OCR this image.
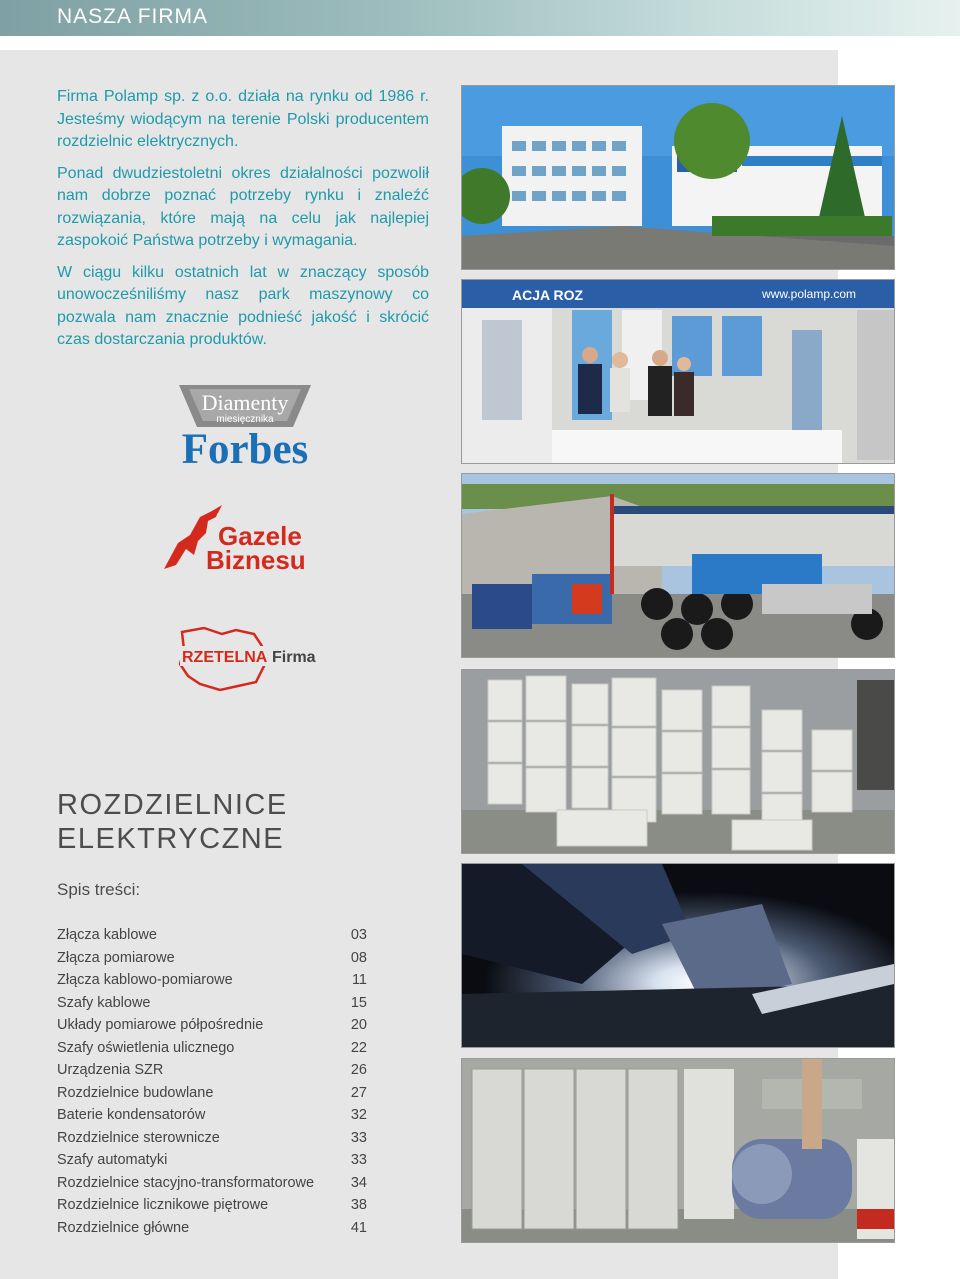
NASZA FIRMA

Firma Polamp sp. z o.o. działa na rynku od 1986 r. Jesteśmy wiodącym na terenie Polski producentem rozdzielnic elektrycznych.

Ponad dwudziestoletni okres działalności pozwolił nam dobrze poznać potrzeby rynku i znaleźć rozwiązania, które mają na celu jak najlepiej zaspokoić Państwa potrzeby i wymagania.

W ciągu kilku ostatnich lat w znaczący sposób unowocześniliśmy nasz park maszynowy co pozwala nam znacznie podnieść jakość i skrócić czas dostarczania produktów.

Diamenty
miesięcznika
Forbes
Gazele
Biznesu
RZETELNA Firma
ROZDZIELNICE
ELEKTRYCZNE
Spis treści:
Złącza kablowe	03
Złącza pomiarowe	08
Złącza kablowo-pomiarowe	11
Szafy kablowe	15
Układy pomiarowe półpośrednie	20
Szafy oświetlenia ulicznego	22
Urządzenia SZR	26
Rozdzielnice budowlane	27
Baterie kondensatorów	32
Rozdzielnice sterownicze	33
Szafy automatyki	33
Rozdzielnice stacyjno-transformatorowe	34
Rozdzielnice licznikowe piętrowe	38
Rozdzielnice główne	41
ACJA ROZ	www.polamp.com
